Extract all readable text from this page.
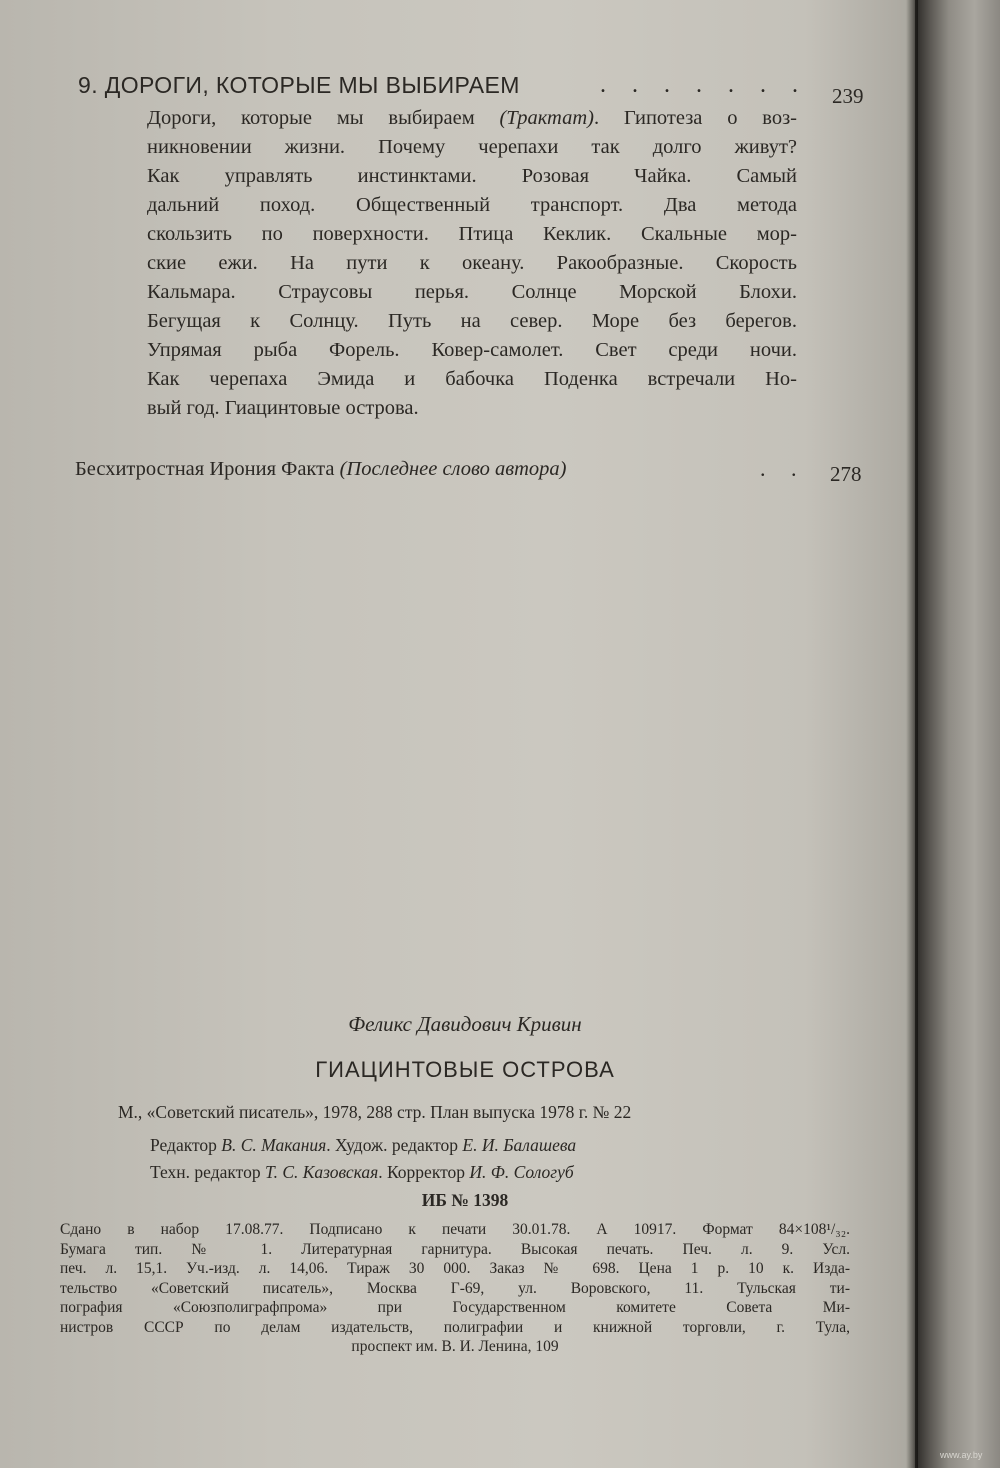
9. ДОРОГИ, КОТОРЫЕ МЫ ВЫБИРАЕМ	. . . . . . . 239
Дороги, которые мы выбираем (Трактат). Гипотеза о воз-
никновении жизни. Почему черепахи так долго живут?
Как управлять инстинктами. Розовая Чайка. Самый
дальний поход. Общественный транспорт. Два метода
скользить по поверхности. Птица Кеклик. Скальные мор-
ские ежи. На пути к океану. Ракообразные. Скорость
Кальмара. Страусовы перья. Солнце Морской Блохи.
Бегущая к Солнцу. Путь на север. Море без берегов.
Упрямая рыба Форель. Ковер-самолет. Свет среди ночи.
Как черепаха Эмида и бабочка Поденка встречали Но-
вый год. Гиацинтовые острова.
Бесхитростная Ирония Факта (Последнее слово автора)	. . 278
Феликс Давидович Кривин
ГИАЦИНТОВЫЕ ОСТРОВА
М., «Советский писатель», 1978, 288 стр. План выпуска 1978 г. № 22
Редактор В. С. Макания. Худож. редактор Е. И. Балашева
Техн. редактор Т. С. Казовская. Корректор И. Ф. Сологуб
ИБ № 1398
Сдано в набор 17.08.77. Подписано к печати 30.01.78. А 10917. Формат 84×108¹/₃₂.
Бумага тип. № 1. Литературная гарнитура. Высокая печать. Печ. л. 9. Усл.
печ. л. 15,1. Уч.-изд. л. 14,06. Тираж 30 000. Заказ № 698. Цена 1 р. 10 к. Изда-
тельство «Советский писатель», Москва Г-69, ул. Воровского, 11. Тульская ти-
пография «Союзполиграфпрома» при Государственном комитете Совета Ми-
нистров СССР по делам издательств, полиграфии и книжной торговли, г. Тула,
проспект им. В. И. Ленина, 109
www.ay.by
